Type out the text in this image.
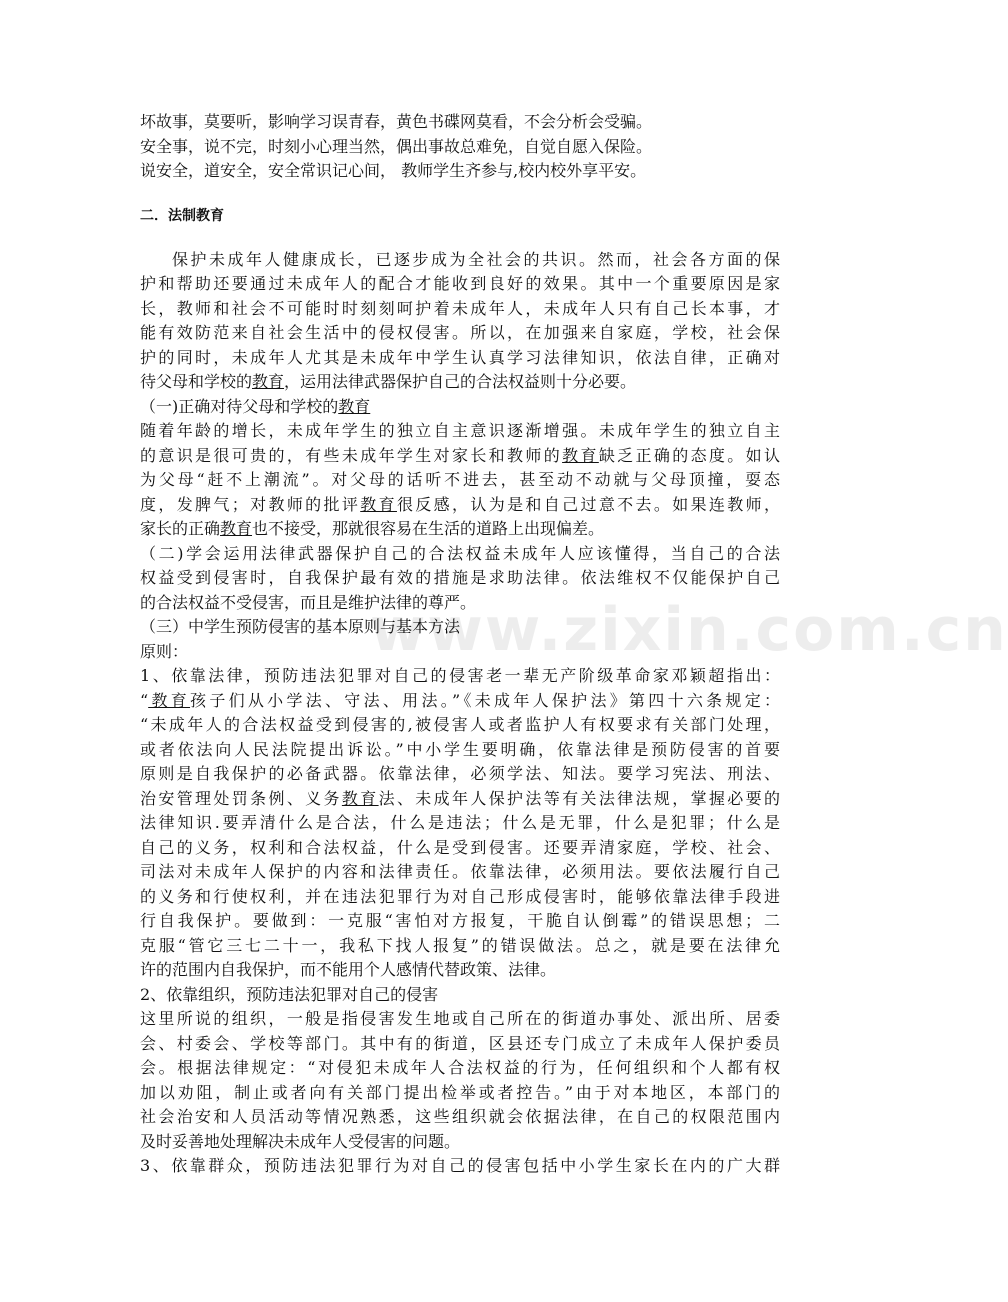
www.zixin.com.cn
坏故事，莫要听，影响学习误青春，黄色书碟网莫看，不会分析会受骗。
安全事，说不完，时刻小心理当然，偶出事故总难免，自觉自愿入保险。
说安全，道安全，安全常识记心间， 教师学生齐参与,校内校外享平安。
二．法制教育
保护未成年人健康成长，已逐步成为全社会的共识。然而，社会各方面的保
护和帮助还要通过未成年人的配合才能收到良好的效果。其中一个重要原因是家
长，教师和社会不可能时时刻刻呵护着未成年人，未成年人只有自己长本事，才
能有效防范来自社会生活中的侵权侵害。所以，在加强来自家庭，学校，社会保
护的同时，未成年人尤其是未成年中学生认真学习法律知识，依法自律，正确对
待父母和学校的教育，运用法律武器保护自己的合法权益则十分必要。
（一)正确对待父母和学校的教育
随着年龄的增长，未成年学生的独立自主意识逐渐增强。未成年学生的独立自主
的意识是很可贵的，有些未成年学生对家长和教师的教育缺乏正确的态度。如认
为父母“赶不上潮流”。对父母的话听不进去，甚至动不动就与父母顶撞，耍态
度，发脾气；对教师的批评教育很反感，认为是和自己过意不去。如果连教师，
家长的正确教育也不接受，那就很容易在生活的道路上出现偏差。
（二)学会运用法律武器保护自己的合法权益未成年人应该懂得，当自己的合法
权益受到侵害时，自我保护最有效的措施是求助法律。依法维权不仅能保护自己
的合法权益不受侵害，而且是维护法律的尊严。
（三）中学生预防侵害的基本原则与基本方法
原则：
1、依靠法律，预防违法犯罪对自己的侵害老一辈无产阶级革命家邓颖超指出：
“教育孩子们从小学法、守法、用法。”《未成年人保护法》第四十六条规定：
“未成年人的合法权益受到侵害的,被侵害人或者监护人有权要求有关部门处理，
或者依法向人民法院提出诉讼。”中小学生要明确，依靠法律是预防侵害的首要
原则是自我保护的必备武器。依靠法律，必须学法、知法。要学习宪法、刑法、
治安管理处罚条例、义务教育法、未成年人保护法等有关法律法规，掌握必要的
法律知识.要弄清什么是合法，什么是违法；什么是无罪，什么是犯罪；什么是
自己的义务，权利和合法权益，什么是受到侵害。还要弄清家庭，学校、社会、
司法对未成年人保护的内容和法律责任。依靠法律，必须用法。要依法履行自己
的义务和行使权利，并在违法犯罪行为对自己形成侵害时，能够依靠法律手段进
行自我保护。要做到：一克服“害怕对方报复，干脆自认倒霉”的错误思想；二
克服“管它三七二十一，我私下找人报复”的错误做法。总之，就是要在法律允
许的范围内自我保护，而不能用个人感情代替政策、法律。
2、依靠组织，预防违法犯罪对自己的侵害
这里所说的组织，一般是指侵害发生地或自己所在的街道办事处、派出所、居委
会、村委会、学校等部门。其中有的街道，区县还专门成立了未成年人保护委员
会。根据法律规定：“对侵犯未成年人合法权益的行为，任何组织和个人都有权
加以劝阻，制止或者向有关部门提出检举或者控告。”由于对本地区，本部门的
社会治安和人员活动等情况熟悉，这些组织就会依据法律，在自己的权限范围内
及时妥善地处理解决未成年人受侵害的问题。
3、依靠群众，预防违法犯罪行为对自己的侵害包括中小学生家长在内的广大群
